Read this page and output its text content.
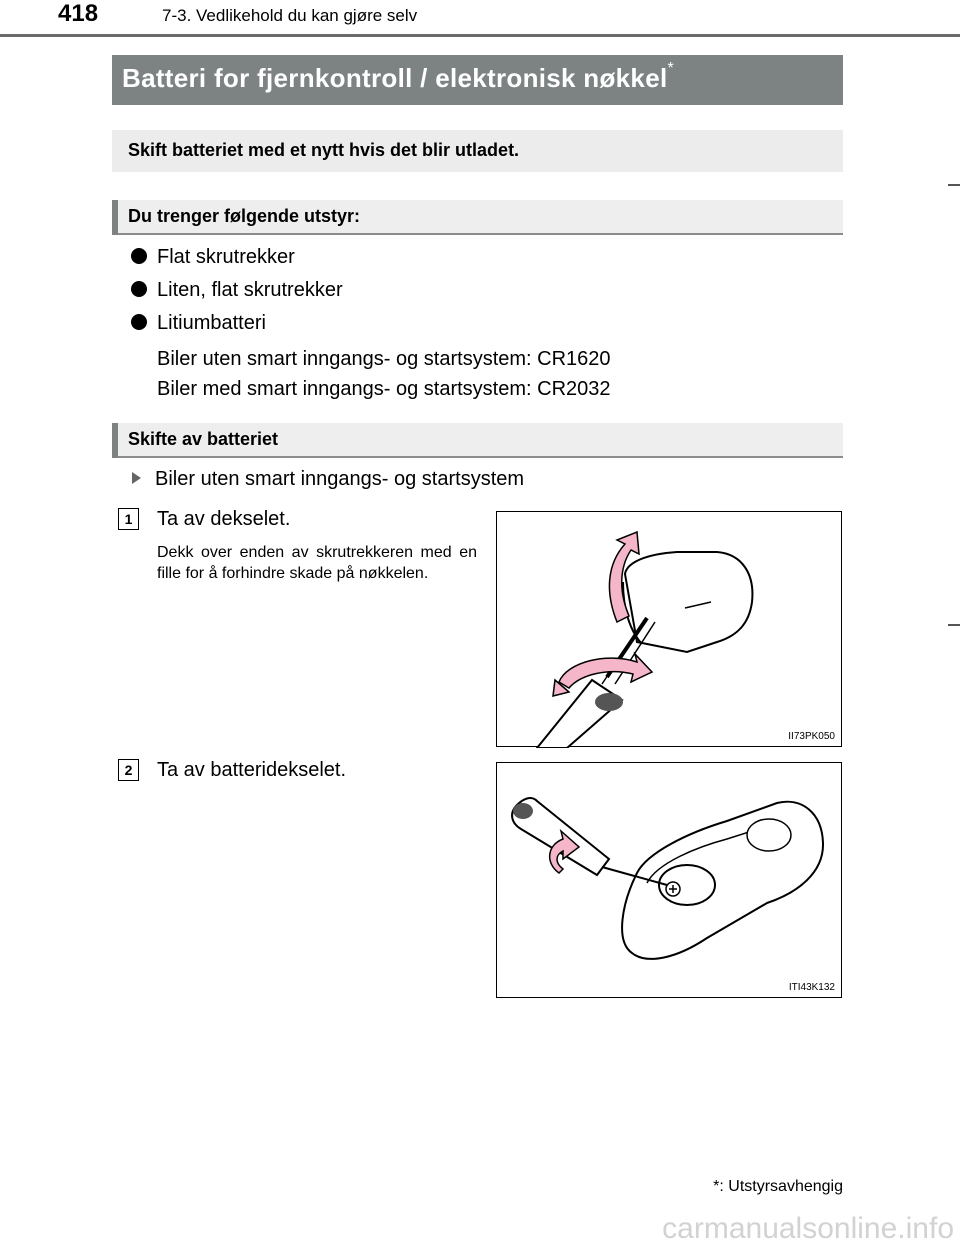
418	7-3. Vedlikehold du kan gjøre selv
Batteri for fjernkontroll / elektronisk nøkkel*
Skift batteriet med et nytt hvis det blir utladet.
Du trenger følgende utstyr:
Flat skrutrekker
Liten, flat skrutrekker
Litiumbatteri
Biler uten smart inngangs- og startsystem: CR1620
Biler med smart inngangs- og startsystem: CR2032
Skifte av batteriet
Biler uten smart inngangs- og startsystem
1	Ta av dekselet.
Dekk over enden av skrutrekkeren med en fille for å forhindre skade på nøkkelen.
II73PK050
2	Ta av batteridekselet.
ITI43K132
*: Utstyrsavhengig
carmanualsonline.info
